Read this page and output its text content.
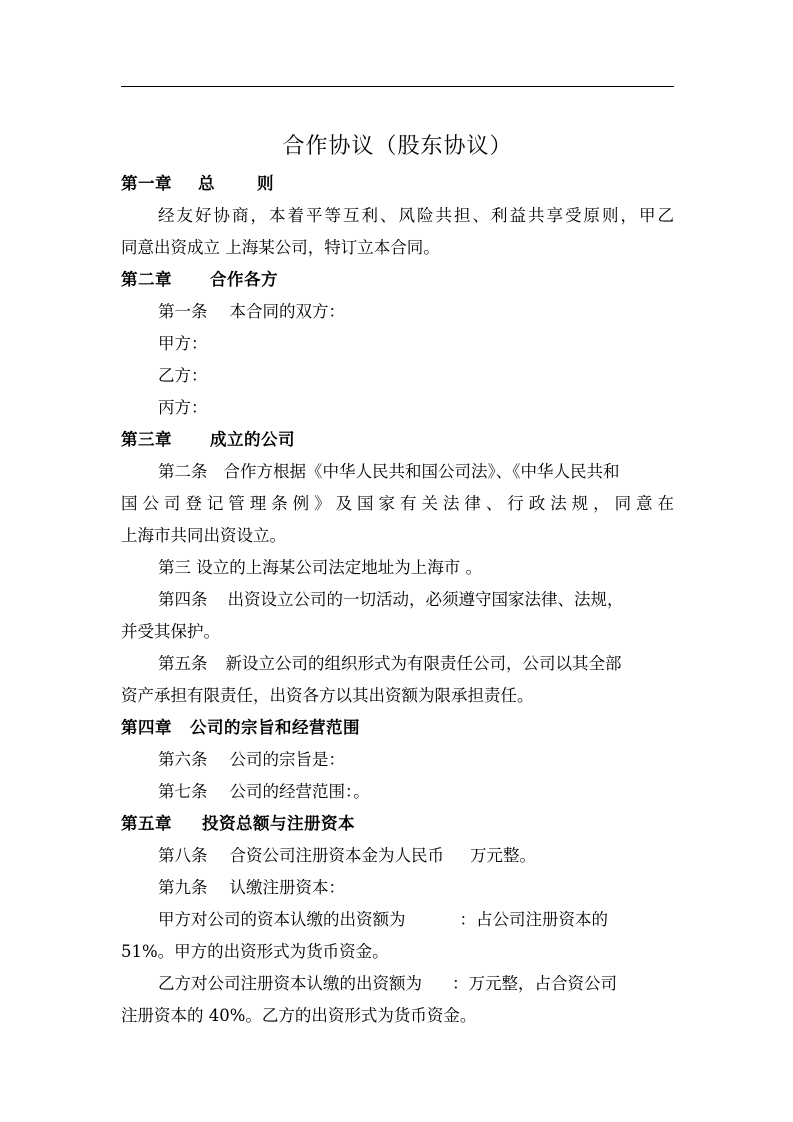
合作协议（股东协议）
第一章 总	则
经友好协商，本着平等互利、风险共担、利益共享受原则，甲乙
同意出资成立 上海某公司，特订立本合同。
第二章 合作各方
第一条 本合同的双方：
甲方：
乙方：
丙方：
第三章 成立的公司
第二条 合作方根据《中华人民共和国公司法》、《中华人民共和
国公司登记管理条例》及国家有关法律、行政法规，同意在
上海市共同出资设立。
第三 设立的上海某公司法定地址为上海市 。
第四条 出资设立公司的一切活动，必须遵守国家法律、法规，
并受其保护。
第五条 新设立公司的组织形式为有限责任公司，公司以其全部
资产承担有限责任，出资各方以其出资额为限承担责任。
第四章 公司的宗旨和经营范围
第六条 公司的宗旨是：
第七条 公司的经营范围：。
第五章 投资总额与注册资本
第八条 合资公司注册资本金为人民币 万元整。
第九条 认缴注册资本：
甲方对公司的资本认缴的出资额为	：占公司注册资本的
51%。甲方的出资形式为货币资金。
乙方对公司注册资本认缴的出资额为 ：万元整，占合资公司
注册资本的 40%。乙方的出资形式为货币资金。
